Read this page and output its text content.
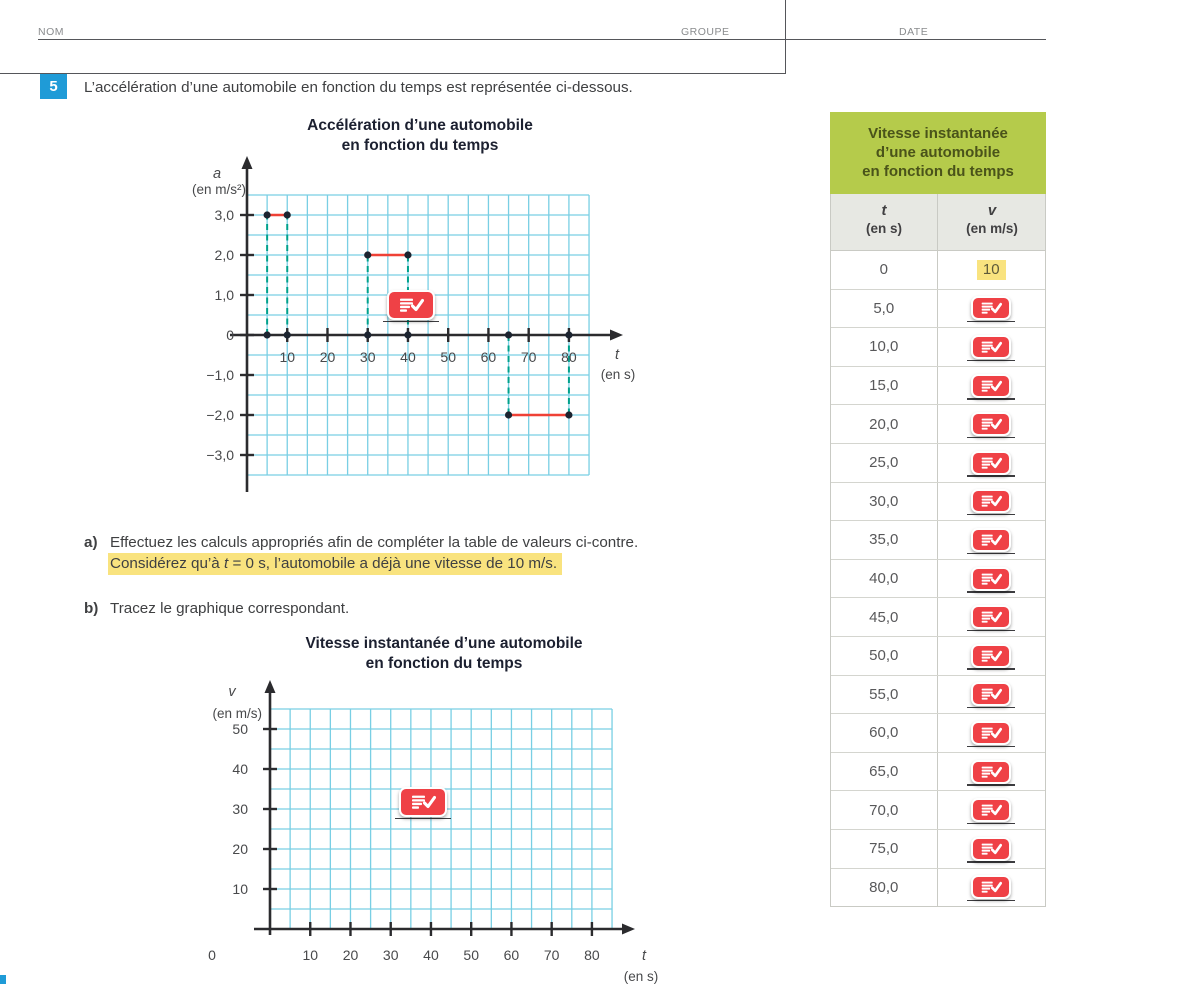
NOM	GROUPE	DATE
5	L’accélération d’une automobile en fonction du temps est représentée ci-dessous.
3,0
2,0
1,0
0
−1,0
−2,0
−3,0
10 20 30 40 50 60 70 80
a
(en m/s²)
t
(en s)
Accélération d’une automobile
en fonction du temps
a) Effectuez les calculs appropriés afin de compléter la table de valeurs ci-contre.
Considérez qu’à t = 0 s, l’automobile a déjà une vitesse de 10 m/s.
b) Tracez le graphique correspondant.
50
40
30
20
10
10 20 30 40 50 60 70 80
0
v
(en m/s)
t
(en s)
Vitesse instantanée d’une automobile
en fonction du temps
Vitesse instantanée
d’une automobile
en fonction du temps
t
(en s)
v
(en m/s)
0	10
5,0
10,0
15,0
20,0
25,0
30,0
35,0
40,0
45,0
50,0
55,0
60,0
65,0
70,0
75,0
80,0
